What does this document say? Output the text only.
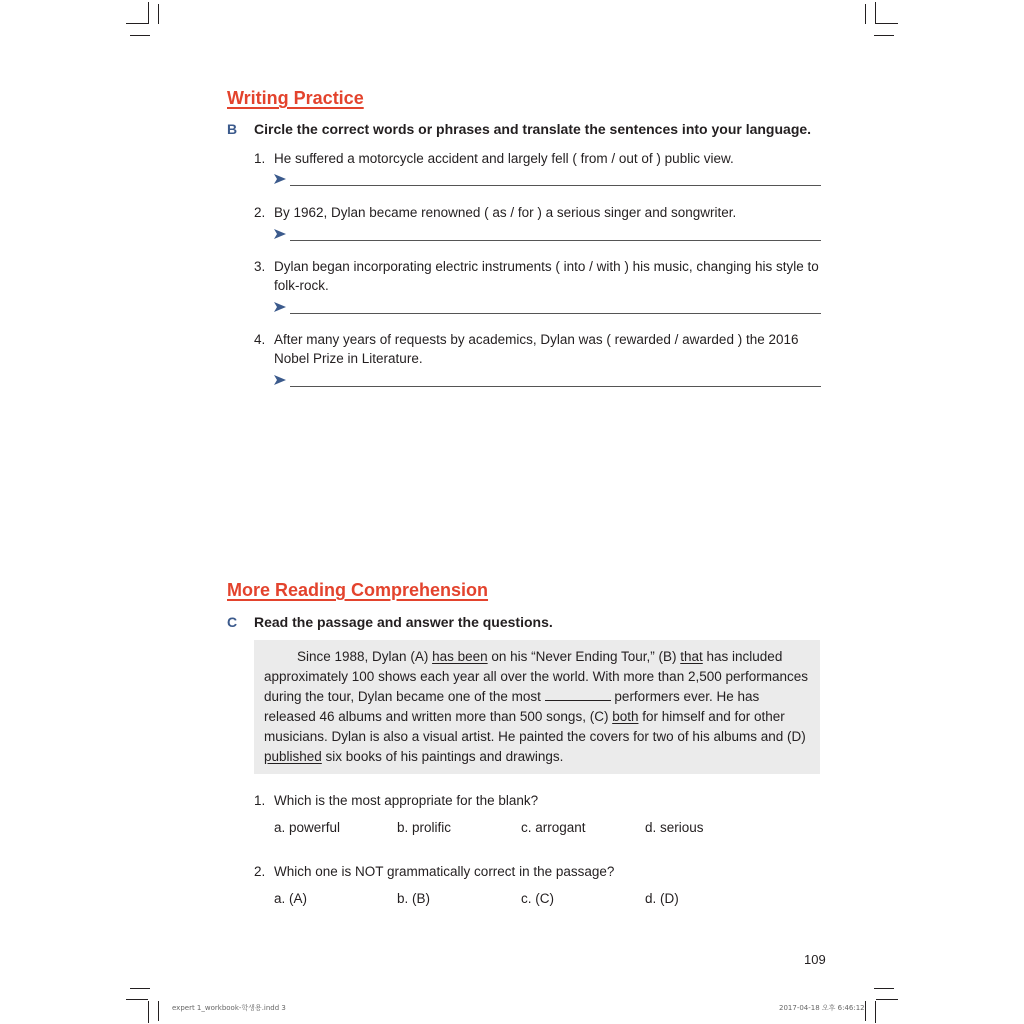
Writing Practice
B Circle the correct words or phrases and translate the sentences into your language.
1. He suffered a motorcycle accident and largely fell ( from / out of ) public view.
2. By 1962, Dylan became renowned ( as / for ) a serious singer and songwriter.
3. Dylan began incorporating electric instruments ( into / with ) his music, changing his style to folk-rock.
4. After many years of requests by academics, Dylan was ( rewarded / awarded ) the 2016 Nobel Prize in Literature.
More Reading Comprehension
C Read the passage and answer the questions.
Since 1988, Dylan (A) has been on his “Never Ending Tour,” (B) that has included approximately 100 shows each year all over the world. With more than 2,500 performances during the tour, Dylan became one of the most	performers ever. He has released 46 albums and written more than 500 songs, (C) both for himself and for other musicians. Dylan is also a visual artist. He painted the covers for two of his albums and (D) published six books of his paintings and drawings.
1. Which is the most appropriate for the blank?
a. powerful	b. prolific	c. arrogant	d. serious
2. Which one is NOT grammatically correct in the passage?
a. (A)	b. (B)	c. (C)	d. (D)
109
expert 1_workbook-학생용.indd 3	2017-04-18 오후 6:46:12
